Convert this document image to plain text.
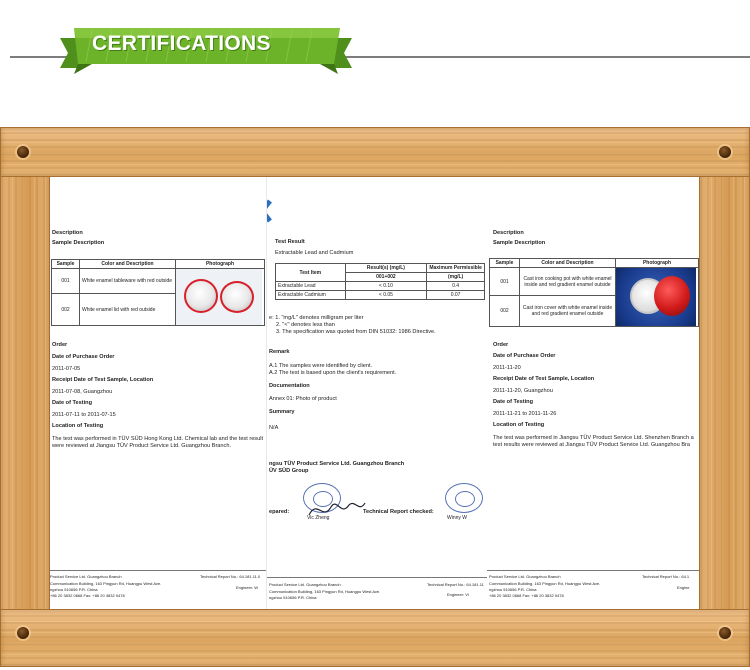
CERTIFICATIONS
Description
Sample Description
Sample	Color and Description	Photograph
001	White enamel tableware with red outside	

002	White enamel lid with red outside	
Order
Date of Purchase Order
2011-07-05
Receipt Date of Test Sample, Location
2011-07-08, Guangzhou
Date of Testing
2011-07-11 to 2011-07-15
Location of Testing
The test was performed in TÜV SÜD Hong Kong Ltd. Chemical lab and the test result
were reviewed at Jiangsu TÜV Product Service Ltd. Guangzhou Branch.
Product Service Ltd. Guangzhou Branch	Technical Report No.: 64.181.11.0
Communication Building, 163 Pingyun Rd, Huangpu West Ave.
Engineer: W
ngzhou 510656 P.R. China
+86 20 3832 0668 Fax: +86 20 3832 0478
Test Result
Extractable Lead and Cadmium
Test Item	Result(s) (mg/L)	Maximum Permissible
	001+002	(mg/L)
Extractable Lead	< 0.10	0.4
Extractable Cadmium	< 0.05	0.07
e: 1. "mg/L" denotes milligram per liter
2. "<" denotes less than
3. The specification was quoted from DIN 51032: 1986 Directive.
Remark
A.1 The samples were identified by client.
A.2 The test is based upon the client's requirement.
Documentation
Annex 01: Photo of product
Summary
N/A
ngsu TÜV Product Service Ltd. Guangzhou Branch
ÜV SÜD Group
epared:
Vic Zheng
Technical Report checked:
Winny W
Product Service Ltd. Guangzhou Branch	Technical Report No.: 64.181.11
Communication Building, 163 Pingyun Rd, Huangpu West Ave.
Engineer: Vi
ngzhou 510656 P.R. China
Description
Sample Description
Sample	Color and Description	Photograph
001	Cast iron cooking pot with white enamel inside and red gradient enamel outside	

002	Cast iron cover with white enamel inside and red gradient enamel outside	
Order
Date of Purchase Order
2011-11-20
Receipt Date of Test Sample, Location
2011-11-20, Guangzhou
Date of Testing
2011-11-21 to 2011-11-26
Location of Testing
The test was performed in Jiangsu TÜV Product Service Ltd. Shenzhen Branch a
test results were reviewed at Jiangsu TÜV Product Service Ltd. Guangzhou Bra
Product Service Ltd. Guangzhou Branch	Technical Report No.: 64.1
Communication Building, 163 Pingyun Rd, Huangpu West Ave.
Engine
ngzhou 510656 P.R. China
+86 20 3832 0668 Fax: +86 20 3832 0478
